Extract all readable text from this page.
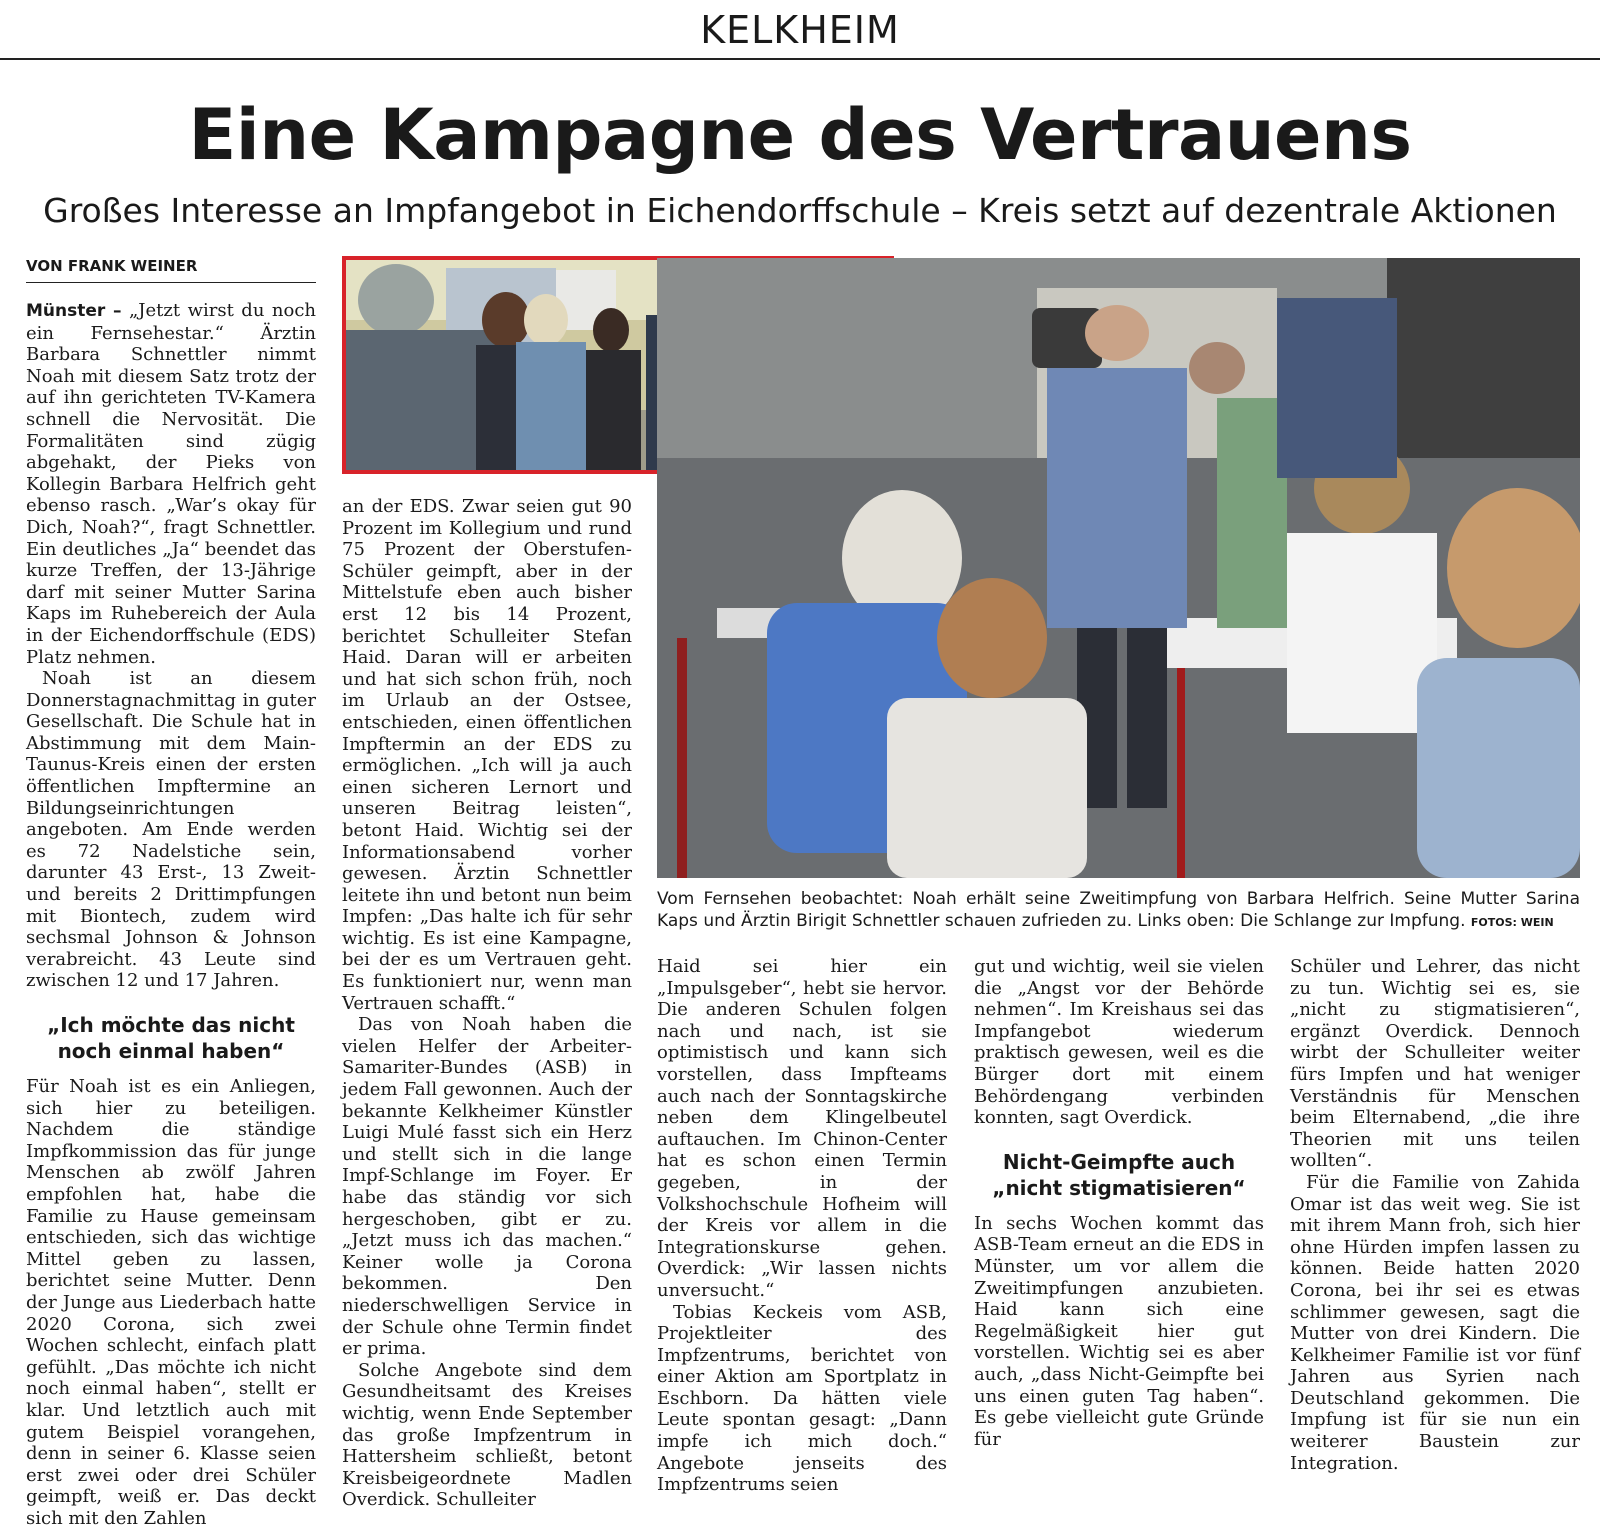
KELKHEIM
Eine Kampagne des Vertrauens
Großes Interesse an Impfangebot in Eichendorffschule – Kreis setzt auf dezentrale Aktionen
VON FRANK WEINER
Vom Fernsehen beobachtet: Noah erhält seine Zweitimpfung von Barbara Helfrich. Seine Mutter Sarina Kaps und Ärztin Birigit Schnettler schauen zufrieden zu. Links oben: Die Schlange zur Impfung. FOTOS: WEIN

Münster – „Jetzt wirst du noch ein Fernsehestar.“ Ärztin Barbara Schnettler nimmt Noah mit diesem Satz trotz der auf ihn gerichteten TV-Kamera schnell die Nervosität. Die Formalitäten sind zügig abgehakt, der Pieks von Kollegin Barbara Helfrich geht ebenso rasch. „War’s okay für Dich, Noah?“, fragt Schnettler. Ein deutliches „Ja“ beendet das kurze Treffen, der 13-Jährige darf mit seiner Mutter Sarina Kaps im Ruhebereich der Aula in der Eichendorffschule (EDS) Platz nehmen.

Noah ist an diesem Donnerstagnachmittag in guter Gesellschaft. Die Schule hat in Abstimmung mit dem Main-Taunus-Kreis einen der ersten öffentlichen Impftermine an Bildungseinrichtungen angeboten. Am Ende werden es 72 Nadelstiche sein, darunter 43 Erst-, 13 Zweit- und bereits 2 Drittimpfungen mit Biontech, zudem wird sechsmal Johnson & Johnson verabreicht. 43 Leute sind zwischen 12 und 17 Jahren.

„Ich möchte das nicht noch einmal haben“

Für Noah ist es ein Anliegen, sich hier zu beteiligen. Nachdem die ständige Impfkommission das für junge Menschen ab zwölf Jahren empfohlen hat, habe die Familie zu Hause gemeinsam entschieden, sich das wichtige Mittel geben zu lassen, berichtet seine Mutter. Denn der Junge aus Liederbach hatte 2020 Corona, sich zwei Wochen schlecht, einfach platt gefühlt. „Das möchte ich nicht noch einmal haben“, stellt er klar. Und letztlich auch mit gutem Beispiel vorangehen, denn in seiner 6. Klasse seien erst zwei oder drei Schüler geimpft, weiß er. Das deckt sich mit den Zahlen

an der EDS. Zwar seien gut 90 Prozent im Kollegium und rund 75 Prozent der Oberstufen-Schüler geimpft, aber in der Mittelstufe eben auch bisher erst 12 bis 14 Prozent, berichtet Schulleiter Stefan Haid. Daran will er arbeiten und hat sich schon früh, noch im Urlaub an der Ostsee, entschieden, einen öffentlichen Impftermin an der EDS zu ermöglichen. „Ich will ja auch einen sicheren Lernort und unseren Beitrag leisten“, betont Haid. Wichtig sei der Informationsabend vorher gewesen. Ärztin Schnettler leitete ihn und betont nun beim Impfen: „Das halte ich für sehr wichtig. Es ist eine Kampagne, bei der es um Vertrauen geht. Es funktioniert nur, wenn man Vertrauen schafft.“

Das von Noah haben die vielen Helfer der Arbeiter-Samariter-Bundes (ASB) in jedem Fall gewonnen. Auch der bekannte Kelkheimer Künstler Luigi Mulé fasst sich ein Herz und stellt sich in die lange Impf-Schlange im Foyer. Er habe das ständig vor sich hergeschoben, gibt er zu. „Jetzt muss ich das machen.“ Keiner wolle ja Corona bekommen. Den niederschwelligen Service in der Schule ohne Termin findet er prima.

Solche Angebote sind dem Gesundheitsamt des Kreises wichtig, wenn Ende September das große Impfzentrum in Hattersheim schließt, betont Kreisbeigeordnete Madlen Overdick. Schulleiter

Haid sei hier ein „Impulsgeber“, hebt sie hervor. Die anderen Schulen folgen nach und nach, ist sie optimistisch und kann sich vorstellen, dass Impfteams auch nach der Sonntagskirche neben dem Klingelbeutel auftauchen. Im Chinon-Center hat es schon einen Termin gegeben, in der Volkshochschule Hofheim will der Kreis vor allem in die Integrationskurse gehen. Overdick: „Wir lassen nichts unversucht.“

Tobias Keckeis vom ASB, Projektleiter des Impfzentrums, berichtet von einer Aktion am Sportplatz in Eschborn. Da hätten viele Leute spontan gesagt: „Dann impfe ich mich doch.“ Angebote jenseits des Impfzentrums seien

gut und wichtig, weil sie vielen die „Angst vor der Behörde nehmen“. Im Kreishaus sei das Impfangebot wiederum praktisch gewesen, weil es die Bürger dort mit einem Behördengang verbinden konnten, sagt Overdick.

Nicht-Geimpfte auch „nicht stigmatisieren“

In sechs Wochen kommt das ASB-Team erneut an die EDS in Münster, um vor allem die Zweitimpfungen anzubieten. Haid kann sich eine Regelmäßigkeit hier gut vorstellen. Wichtig sei es aber auch, „dass Nicht-Geimpfte bei uns einen guten Tag haben“. Es gebe vielleicht gute Gründe für

Schüler und Lehrer, das nicht zu tun. Wichtig sei es, sie „nicht zu stigmatisieren“, ergänzt Overdick. Dennoch wirbt der Schulleiter weiter fürs Impfen und hat weniger Verständnis für Menschen beim Elternabend, „die ihre Theorien mit uns teilen wollten“.

Für die Familie von Zahida Omar ist das weit weg. Sie ist mit ihrem Mann froh, sich hier ohne Hürden impfen lassen zu können. Beide hatten 2020 Corona, bei ihr sei es etwas schlimmer gewesen, sagt die Mutter von drei Kindern. Die Kelkheimer Familie ist vor fünf Jahren aus Syrien nach Deutschland gekommen. Die Impfung ist für sie nun ein weiterer Baustein zur Integration.
